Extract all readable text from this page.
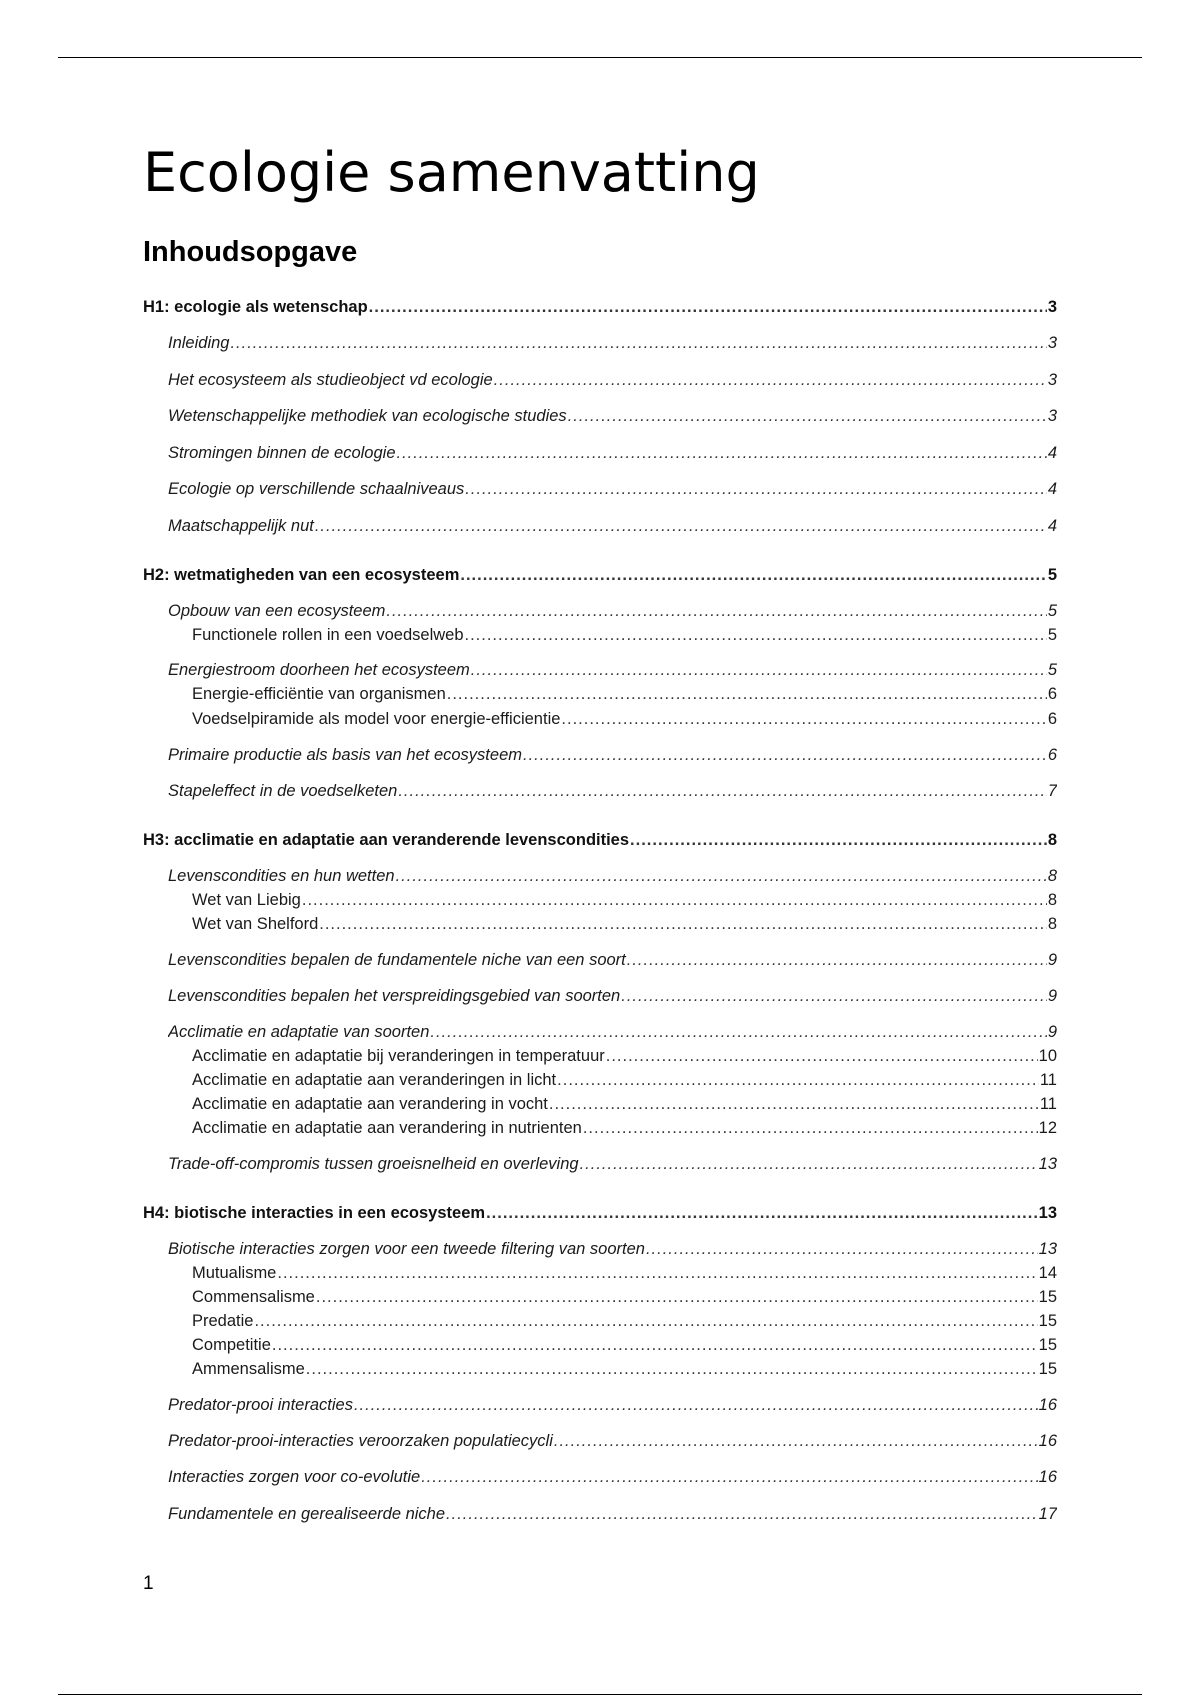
Ecologie samenvatting
Inhoudsopgave
H1: ecologie als wetenschap .....	3
Inleiding .....	3
Het ecosysteem als studieobject vd ecologie .....	3
Wetenschappelijke methodiek van ecologische studies .....	3
Stromingen binnen de ecologie .....	4
Ecologie op verschillende schaalniveaus .....	4
Maatschappelijk nut .....	4
H2: wetmatigheden van een ecosysteem .....	5
Opbouw van een ecosysteem .....	5
Functionele rollen in een voedselweb .....	5
Energiestroom doorheen het ecosysteem .....	5
Energie-efficiëntie van organismen .....	6
Voedselpiramide als model voor energie-efficientie .....	6
Primaire productie als basis van het ecosysteem .....	6
Stapeleffect in de voedselketen .....	7
H3: acclimatie en adaptatie aan veranderende levenscondities .....	8
Levenscondities en hun wetten .....	8
Wet van Liebig .....	8
Wet van Shelford .....	8
Levenscondities bepalen de fundamentele niche van een soort .....	9
Levenscondities bepalen het verspreidingsgebied van soorten .....	9
Acclimatie en adaptatie van soorten .....	9
Acclimatie en adaptatie bij veranderingen in temperatuur .....	10
Acclimatie en adaptatie aan veranderingen in licht .....	11
Acclimatie en adaptatie aan verandering in vocht .....	11
Acclimatie en adaptatie aan verandering in nutrienten .....	12
Trade-off-compromis tussen groeisnelheid en overleving .....	13
H4: biotische interacties in een ecosysteem .....	13
Biotische interacties zorgen voor een tweede filtering van soorten .....	13
Mutualisme .....	14
Commensalisme .....	15
Predatie .....	15
Competitie .....	15
Ammensalisme .....	15
Predator-prooi interacties .....	16
Predator-prooi-interacties veroorzaken populatiecycli .....	16
Interacties zorgen voor co-evolutie .....	16
Fundamentele en gerealiseerde niche .....	17
1
